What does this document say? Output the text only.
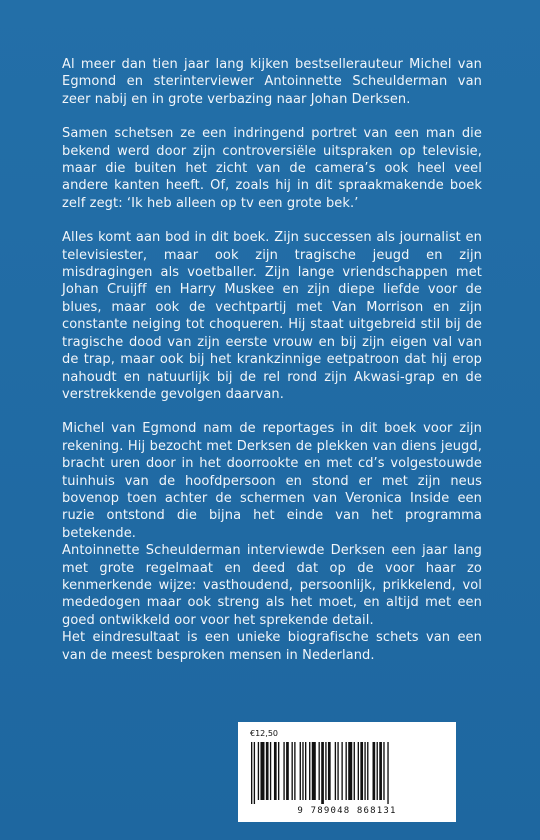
Al meer dan tien jaar lang kijken bestsellerauteur Michel van Egmond en sterinterviewer Antoinnette Scheulderman van zeer nabij en in grote verbazing naar Johan Derksen.

Samen schetsen ze een indringend portret van een man die bekend werd door zijn controversiële uitspraken op televisie, maar die buiten het zicht van de camera’s ook heel veel andere kanten heeft. Of, zoals hij in dit spraakmakende boek zelf zegt: ‘Ik heb alleen op tv een grote bek.’

Alles komt aan bod in dit boek. Zijn successen als journalist en televisiester, maar ook zijn tragische jeugd en zijn misdragingen als voetballer. Zijn lange vriendschappen met Johan Cruijff en Harry Muskee en zijn diepe liefde voor de blues, maar ook de vechtpartij met Van Morrison en zijn constante neiging tot choqueren. Hij staat uitgebreid stil bij de tragische dood van zijn eerste vrouw en bij zijn eigen val van de trap, maar ook bij het krankzinnige eetpatroon dat hij erop nahoudt en natuurlijk bij de rel rond zijn Akwasi-grap en de verstrekkende gevolgen daarvan.

Michel van Egmond nam de reportages in dit boek voor zijn rekening. Hij bezocht met Derksen de plekken van diens jeugd, bracht uren door in het doorrookte en met cd’s volgestouwde tuinhuis van de hoofdpersoon en stond er met zijn neus bovenop toen achter de schermen van Veronica Inside een ruzie ontstond die bijna het einde van het programma betekende.

Antoinnette Scheulderman interviewde Derksen een jaar lang met grote regelmaat en deed dat op de voor haar zo kenmerkende wijze: vasthoudend, persoonlijk, prikkelend, vol mededogen maar ook streng als het moet, en altijd met een goed ontwikkeld oor voor het sprekende detail.

Het eindresultaat is een unieke biografische schets van een van de meest besproken mensen in Nederland.

€12,50
9 789048 868131
